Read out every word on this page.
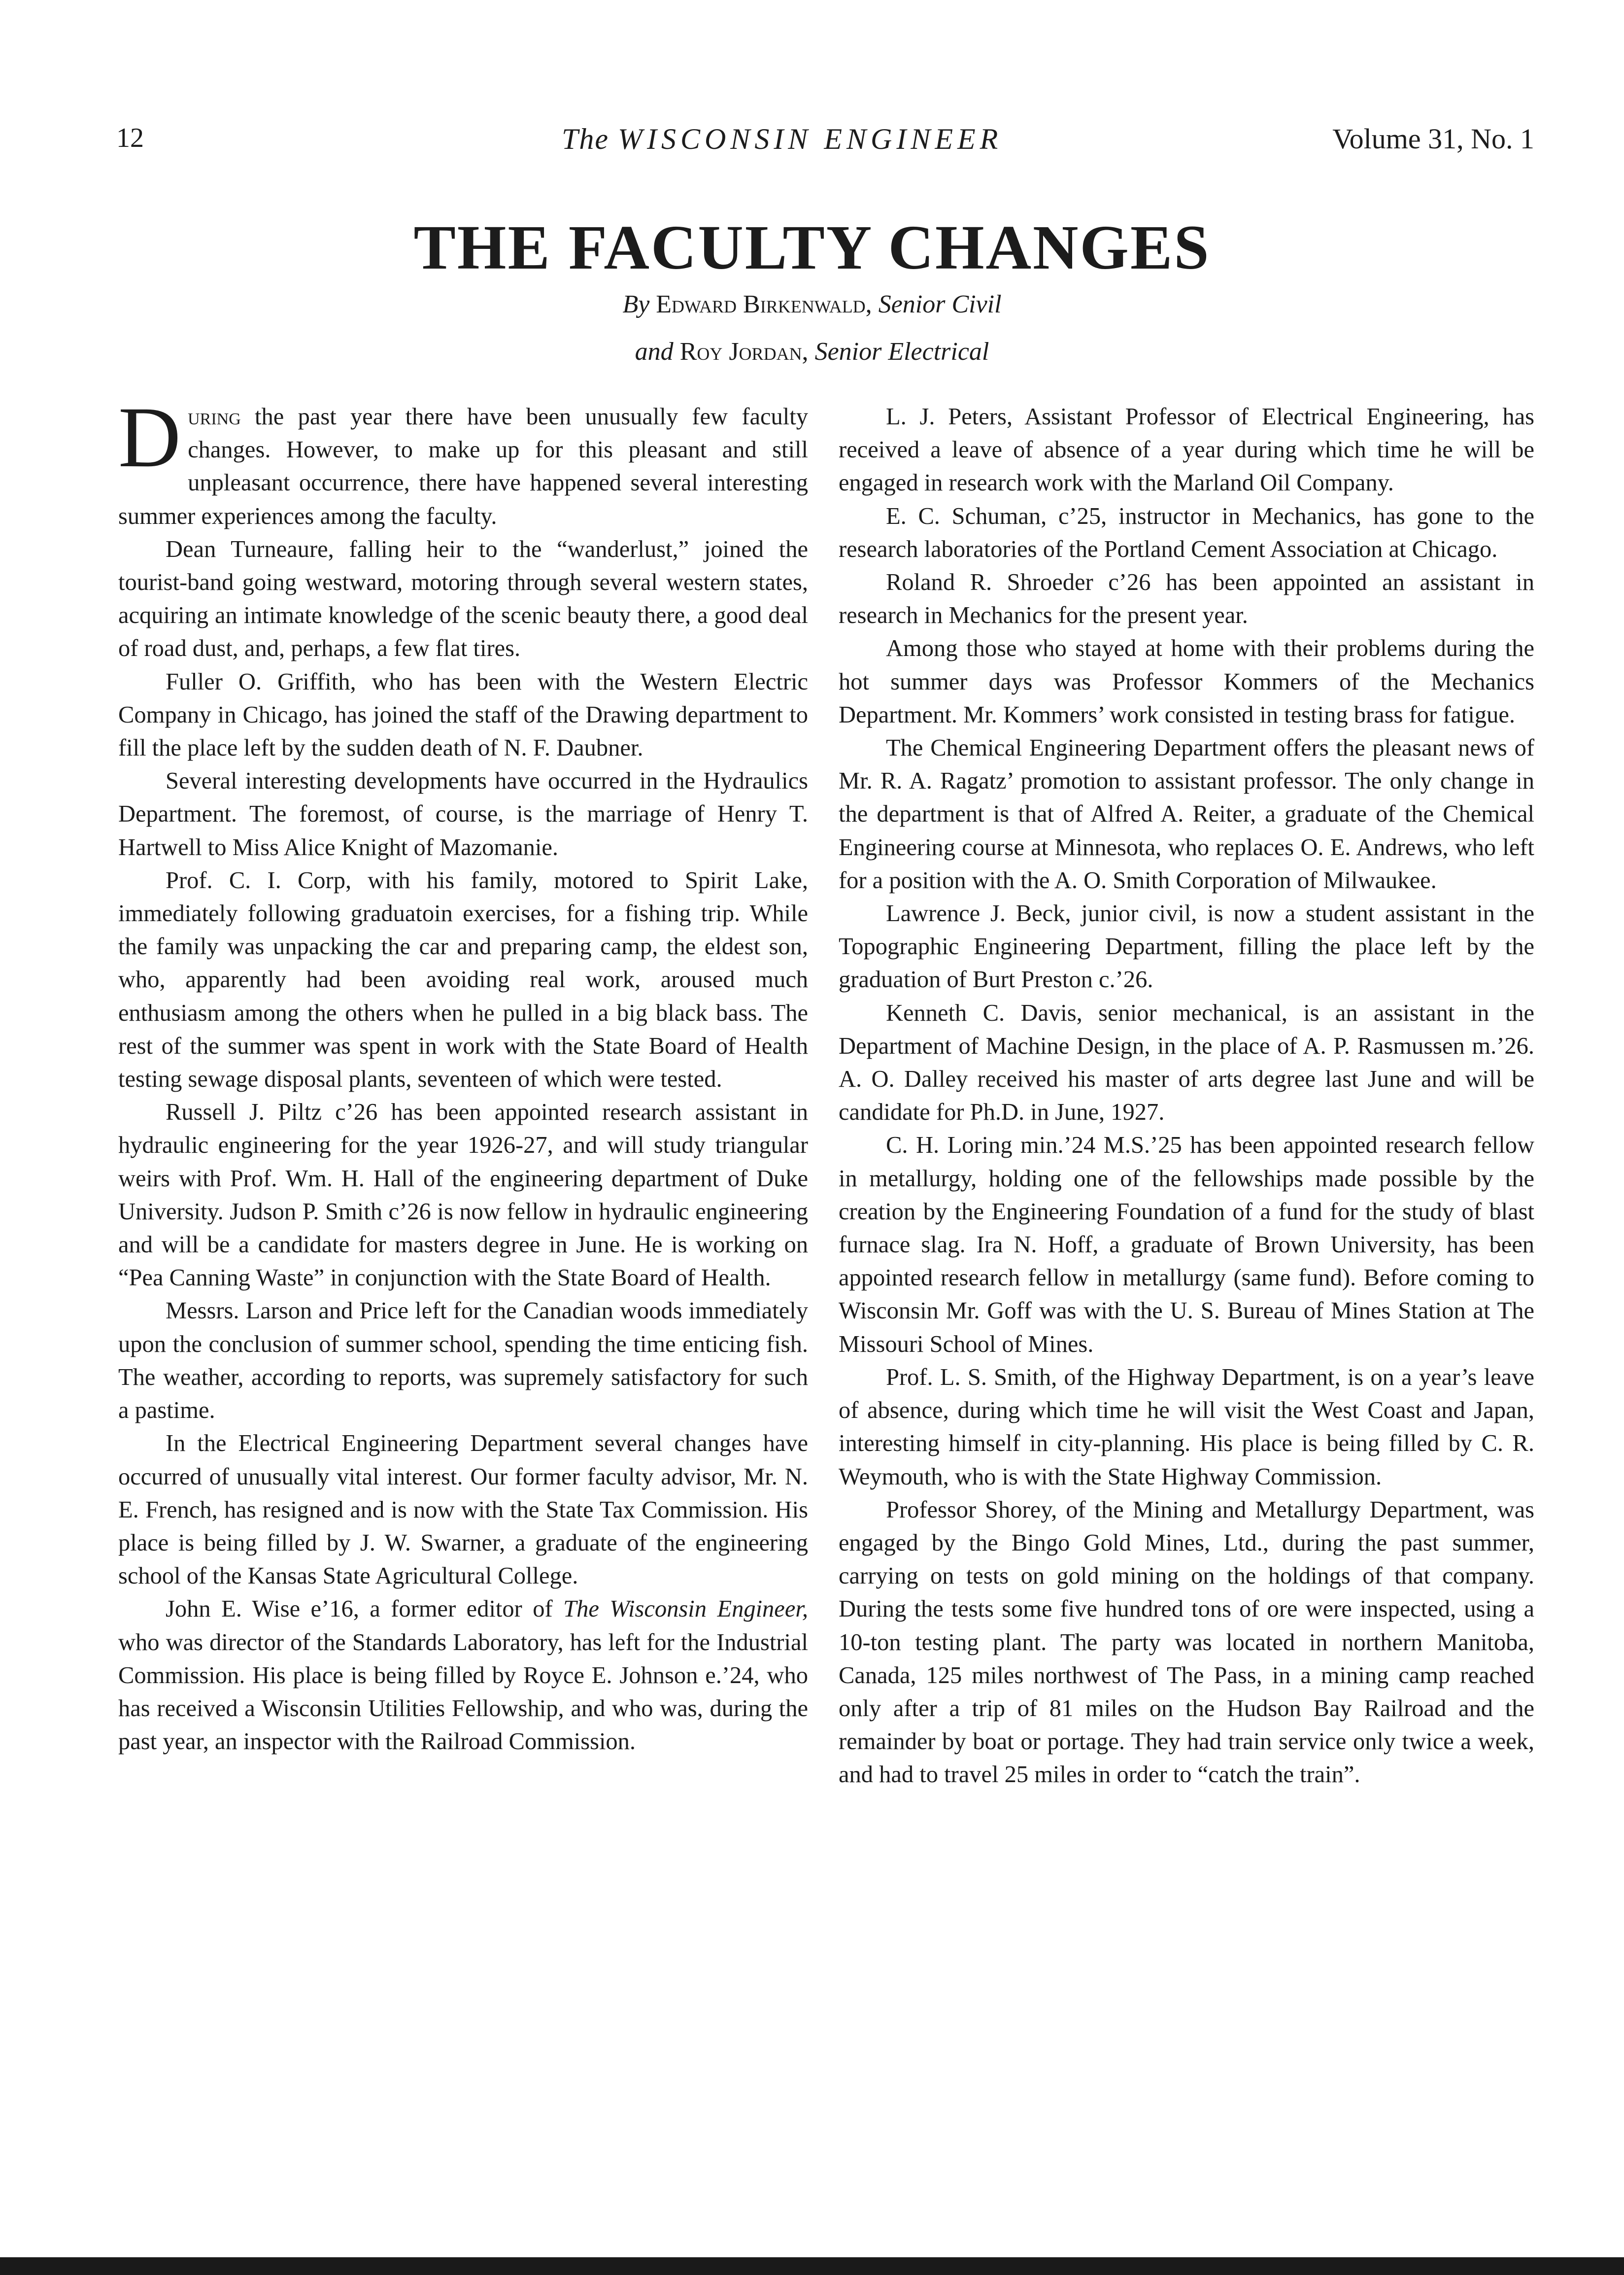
12	The WISCONSIN ENGINEER	Volume 31, No. 1
THE FACULTY CHANGES
By Edward Birkenwald, Senior Civil
and Roy Jordan, Senior Electrical

During the past year there have been unusually few faculty changes. However, to make up for this pleasant and still unpleasant occurrence, there have happened several interesting summer experiences among the faculty.

Dean Turneaure, falling heir to the “wanderlust,” joined the tourist-band going westward, motoring through several western states, acquiring an intimate knowledge of the scenic beauty there, a good deal of road dust, and, perhaps, a few flat tires.

Fuller O. Griffith, who has been with the Western Electric Company in Chicago, has joined the staff of the Drawing department to fill the place left by the sudden death of N. F. Daubner.

Several interesting developments have occurred in the Hydraulics Department. The foremost, of course, is the marriage of Henry T. Hartwell to Miss Alice Knight of Mazomanie.

Prof. C. I. Corp, with his family, motored to Spirit Lake, immediately following graduatoin exercises, for a fishing trip. While the family was unpacking the car and preparing camp, the eldest son, who, apparently had been avoiding real work, aroused much enthusiasm among the others when he pulled in a big black bass. The rest of the summer was spent in work with the State Board of Health testing sewage disposal plants, seventeen of which were tested.

Russell J. Piltz c’26 has been appointed research assistant in hydraulic engineering for the year 1926-27, and will study triangular weirs with Prof. Wm. H. Hall of the engineering department of Duke University. Judson P. Smith c’26 is now fellow in hydraulic engineering and will be a candidate for masters degree in June. He is working on “Pea Canning Waste” in conjunction with the State Board of Health.

Messrs. Larson and Price left for the Canadian woods immediately upon the conclusion of summer school, spending the time enticing fish. The weather, according to reports, was supremely satisfactory for such a pastime.

In the Electrical Engineering Department several changes have occurred of unusually vital interest. Our former faculty advisor, Mr. N. E. French, has resigned and is now with the State Tax Commission. His place is being filled by J. W. Swarner, a graduate of the engineering school of the Kansas State Agricultural College.

John E. Wise e’16, a former editor of The Wisconsin Engineer, who was director of the Standards Laboratory, has left for the Industrial Commission. His place is being filled by Royce E. Johnson e.’24, who has received a Wisconsin Utilities Fellowship, and who was, during the past year, an inspector with the Railroad Commission.

L. J. Peters, Assistant Professor of Electrical Engineering, has received a leave of absence of a year during which time he will be engaged in research work with the Marland Oil Company.

E. C. Schuman, c’25, instructor in Mechanics, has gone to the research laboratories of the Portland Cement Association at Chicago.

Roland R. Shroeder c’26 has been appointed an assistant in research in Mechanics for the present year.

Among those who stayed at home with their problems during the hot summer days was Professor Kommers of the Mechanics Department. Mr. Kommers’ work consisted in testing brass for fatigue.

The Chemical Engineering Department offers the pleasant news of Mr. R. A. Ragatz’ promotion to assistant professor. The only change in the department is that of Alfred A. Reiter, a graduate of the Chemical Engineering course at Minnesota, who replaces O. E. Andrews, who left for a position with the A. O. Smith Corporation of Milwaukee.

Lawrence J. Beck, junior civil, is now a student assistant in the Topographic Engineering Department, filling the place left by the graduation of Burt Preston c.’26.

Kenneth C. Davis, senior mechanical, is an assistant in the Department of Machine Design, in the place of A. P. Rasmussen m.’26. A. O. Dalley received his master of arts degree last June and will be candidate for Ph.D. in June, 1927.

C. H. Loring min.’24 M.S.’25 has been appointed research fellow in metallurgy, holding one of the fellowships made possible by the creation by the Engineering Foundation of a fund for the study of blast furnace slag. Ira N. Hoff, a graduate of Brown University, has been appointed research fellow in metallurgy (same fund). Before coming to Wisconsin Mr. Goff was with the U. S. Bureau of Mines Station at The Missouri School of Mines.

Prof. L. S. Smith, of the Highway Department, is on a year’s leave of absence, during which time he will visit the West Coast and Japan, interesting himself in city-planning. His place is being filled by C. R. Weymouth, who is with the State Highway Commission.

Professor Shorey, of the Mining and Metallurgy Department, was engaged by the Bingo Gold Mines, Ltd., during the past summer, carrying on tests on gold mining on the holdings of that company. During the tests some five hundred tons of ore were inspected, using a 10-ton testing plant. The party was located in northern Manitoba, Canada, 125 miles northwest of The Pass, in a mining camp reached only after a trip of 81 miles on the Hudson Bay Railroad and the remainder by boat or portage. They had train service only twice a week, and had to travel 25 miles in order to “catch the train”.
